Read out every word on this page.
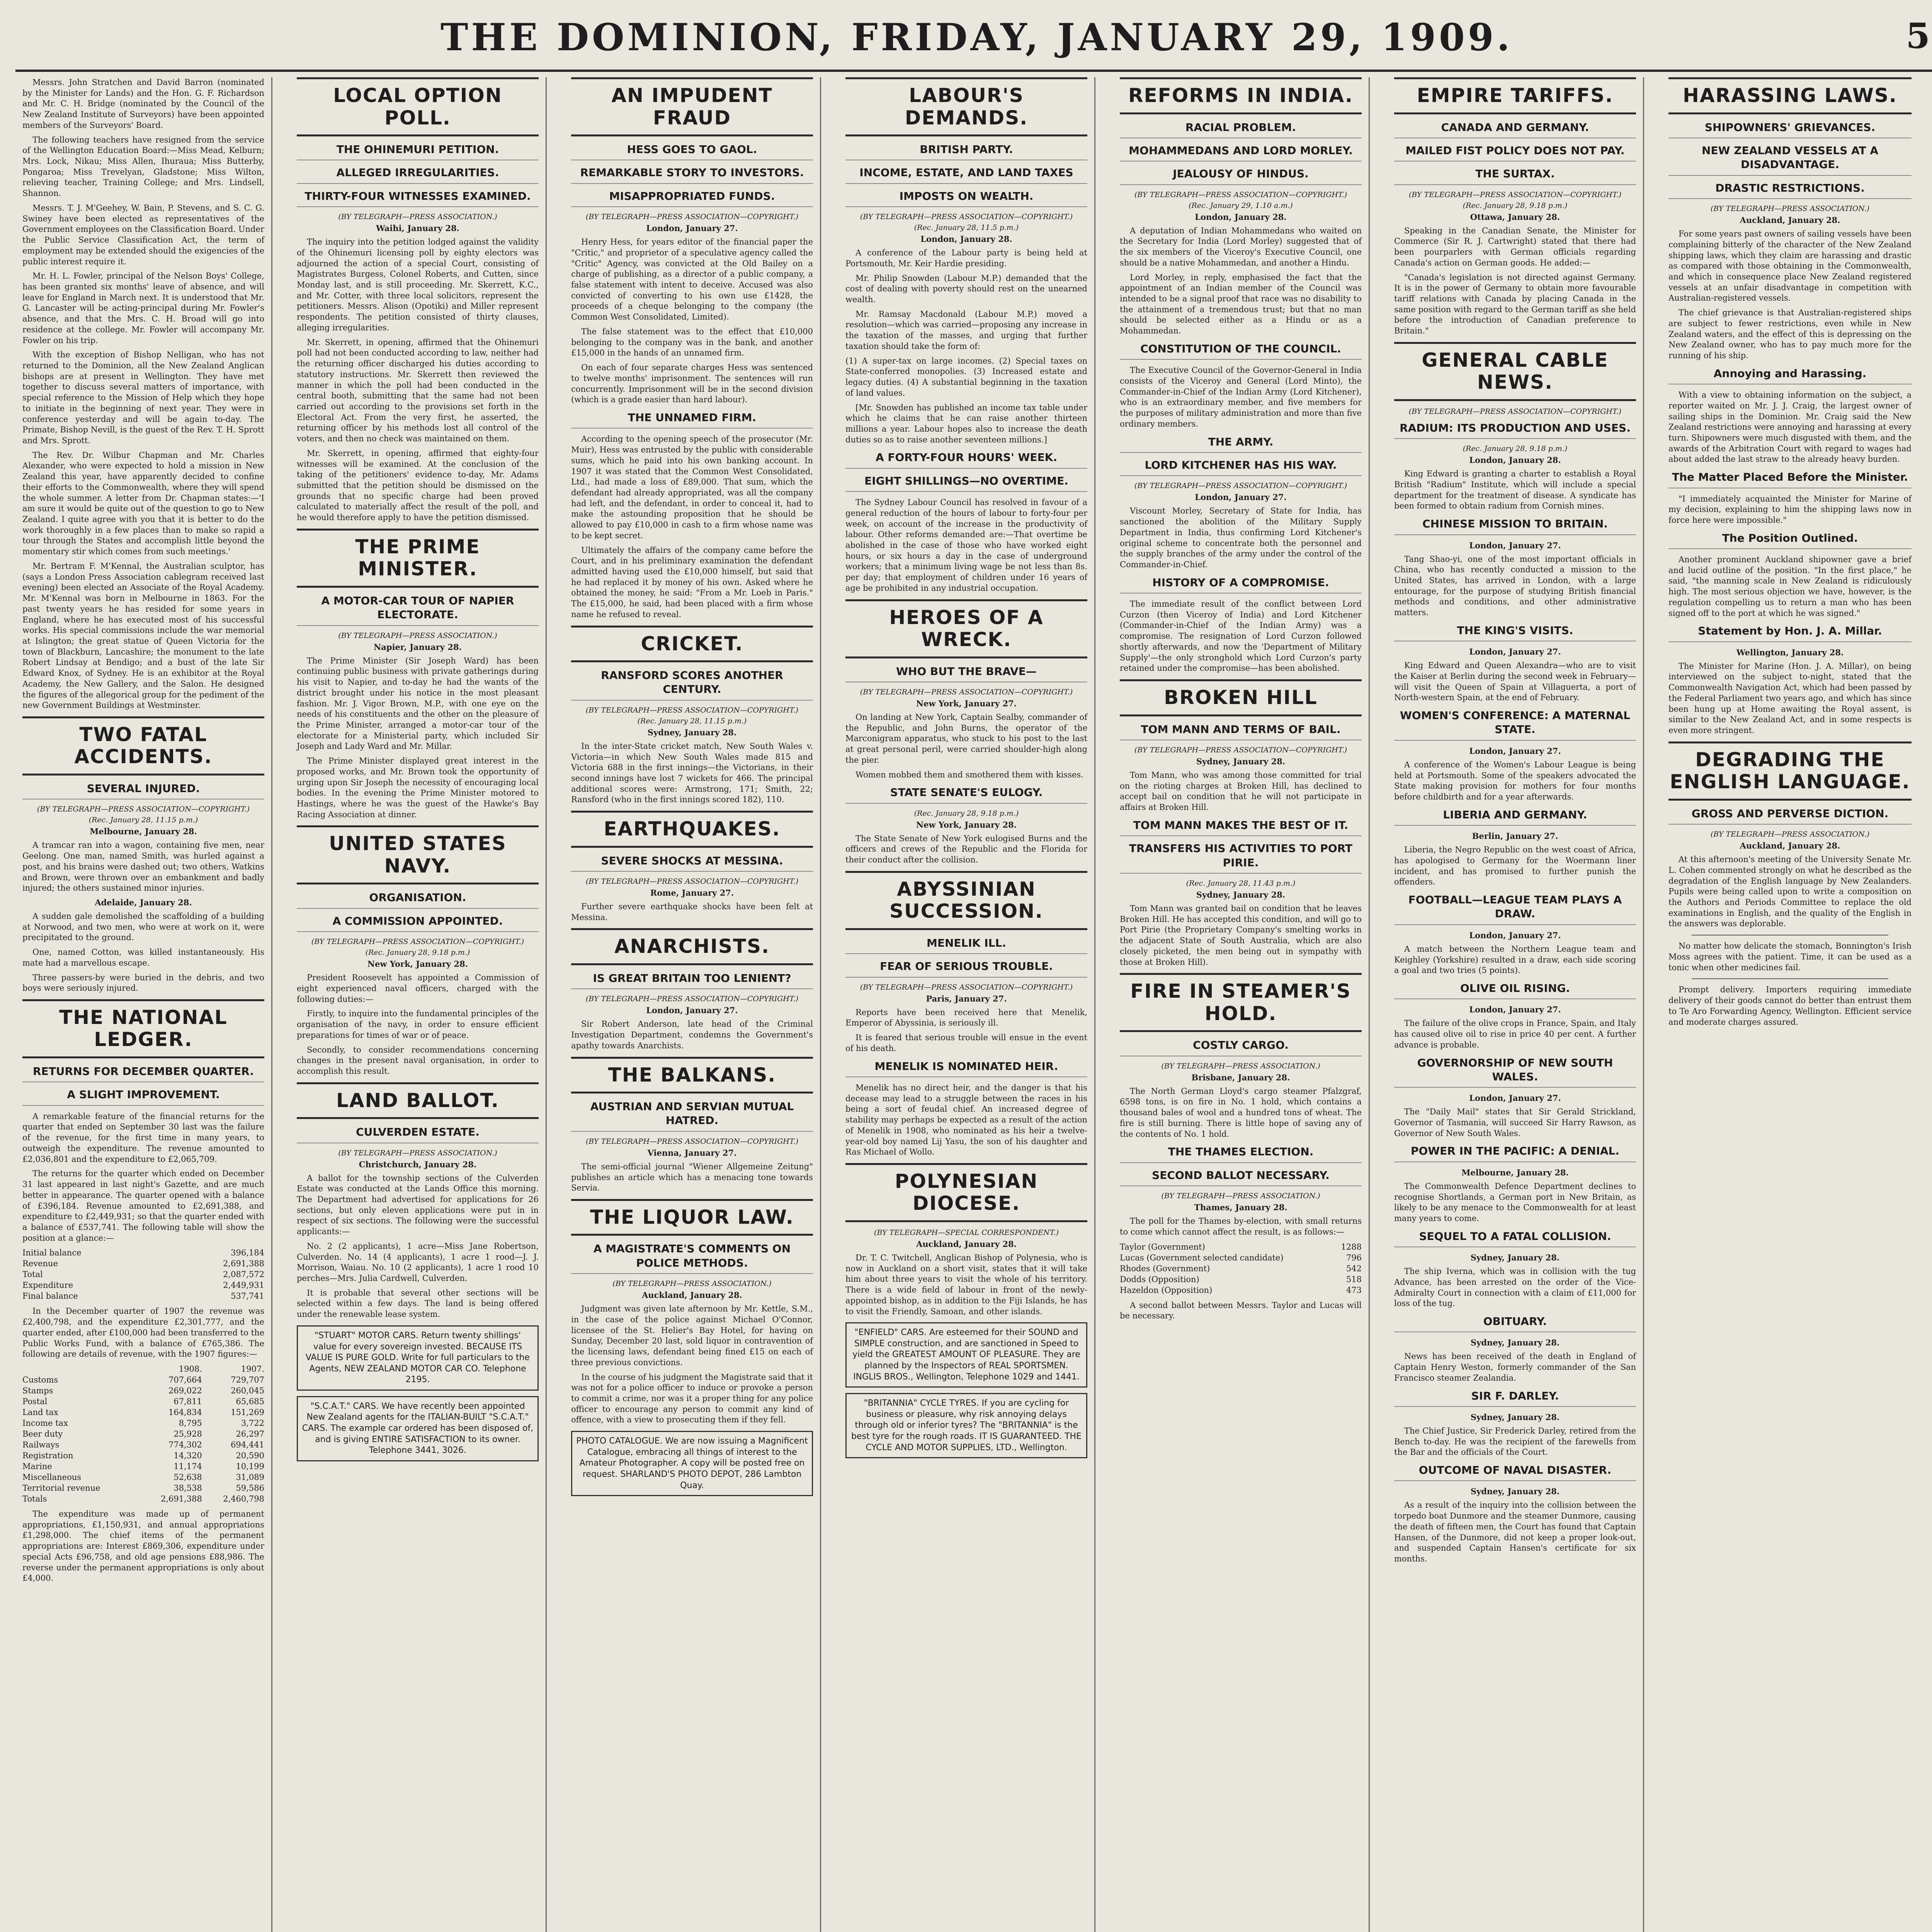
THE DOMINION, FRIDAY, JANUARY 29, 1909.	5

Messrs. John Stratchen and David Barron (nominated by the Minister for Lands) and the Hon. G. F. Richardson and Mr. C. H. Bridge (nominated by the Council of the New Zealand Institute of Surveyors) have been appointed members of the Surveyors' Board.

The following teachers have resigned from the service of the Wellington Education Board:—Miss Mead, Kelburn; Mrs. Lock, Nikau; Miss Allen, Ihuraua; Miss Butterby, Pongaroa; Miss Trevelyan, Gladstone; Miss Wilton, relieving teacher, Training College; and Mrs. Lindsell, Shannon.

Messrs. T. J. M'Geehey, W. Bain, P. Stevens, and S. C. G. Swiney have been elected as representatives of the Government employees on the Classification Board. Under the Public Service Classification Act, the term of employment may be extended should the exigencies of the public interest require it.

Mr. H. L. Fowler, principal of the Nelson Boys' College, has been granted six months' leave of absence, and will leave for England in March next. It is understood that Mr. G. Lancaster will be acting-principal during Mr. Fowler's absence, and that the Mrs. C. H. Broad will go into residence at the college. Mr. Fowler will accompany Mr. Fowler on his trip.

With the exception of Bishop Nelligan, who has not returned to the Dominion, all the New Zealand Anglican bishops are at present in Wellington. They have met together to discuss several matters of importance, with special reference to the Mission of Help which they hope to initiate in the beginning of next year. They were in conference yesterday and will be again to-day. The Primate, Bishop Nevill, is the guest of the Rev. T. H. Sprott and Mrs. Sprott.

The Rev. Dr. Wilbur Chapman and Mr. Charles Alexander, who were expected to hold a mission in New Zealand this year, have apparently decided to confine their efforts to the Commonwealth, where they will spend the whole summer. A letter from Dr. Chapman states:—'I am sure it would be quite out of the question to go to New Zealand. I quite agree with you that it is better to do the work thoroughly in a few places than to make so rapid a tour through the States and accomplish little beyond the momentary stir which comes from such meetings.'

Mr. Bertram F. M'Kennal, the Australian sculptor, has (says a London Press Association cablegram received last evening) been elected an Associate of the Royal Academy. Mr. M'Kennal was born in Melbourne in 1863. For the past twenty years he has resided for some years in England, where he has executed most of his successful works. His special commissions include the war memorial at Islington; the great statue of Queen Victoria for the town of Blackburn, Lancashire; the monument to the late Robert Lindsay at Bendigo; and a bust of the late Sir Edward Knox, of Sydney. He is an exhibitor at the Royal Academy, the New Gallery, and the Salon. He designed the figures of the allegorical group for the pediment of the new Government Buildings at Westminster.

TWO FATAL ACCIDENTS.
SEVERAL INJURED.
(BY TELEGRAPH—PRESS ASSOCIATION—COPYRIGHT.)
(Rec. January 28, 11.15 p.m.)
Melbourne, January 28.

A tramcar ran into a wagon, containing five men, near Geelong. One man, named Smith, was hurled against a post, and his brains were dashed out; two others, Watkins and Brown, were thrown over an embankment and badly injured; the others sustained minor injuries.

Adelaide, January 28.

A sudden gale demolished the scaffolding of a building at Norwood, and two men, who were at work on it, were precipitated to the ground.

One, named Cotton, was killed instantaneously. His mate had a marvellous escape.

Three passers-by were buried in the debris, and two boys were seriously injured.

THE NATIONAL LEDGER.
RETURNS FOR DECEMBER QUARTER.
A SLIGHT IMPROVEMENT.

A remarkable feature of the financial returns for the quarter that ended on September 30 last was the failure of the revenue, for the first time in many years, to outweigh the expenditure. The revenue amounted to £2,036,801 and the expenditure to £2,065,709.

The returns for the quarter which ended on December 31 last appeared in last night's Gazette, and are much better in appearance. The quarter opened with a balance of £396,184. Revenue amounted to £2,691,388, and expenditure to £2,449,931; so that the quarter ended with a balance of £537,741. The following table will show the position at a glance:—

Initial balance	396,184
Revenue	2,691,388
Total	2,087,572
Expenditure	2,449,931
Final balance	537,741

In the December quarter of 1907 the revenue was £2,400,798, and the expenditure £2,301,777, and the quarter ended, after £100,000 had been transferred to the Public Works Fund, with a balance of £765,386. The following are details of revenue, with the 1907 figures:—

	1908.	1907.
Customs	707,664	729,707
Stamps	269,022	260,045
Postal	67,811	65,685
Land tax	164,834	151,269
Income tax	8,795	3,722
Beer duty	25,928	26,297
Railways	774,302	694,441
Registration	14,320	20,590
Marine	11,174	10,199
Miscellaneous	52,638	31,089
Territorial revenue	38,538	59,586
Totals	2,691,388	2,460,798

The expenditure was made up of permanent appropriations, £1,150,931, and annual appropriations £1,298,000. The chief items of the permanent appropriations are: Interest £869,306, expenditure under special Acts £96,758, and old age pensions £88,986. The reverse under the permanent appropriations is only about £4,000.

LOCAL OPTION POLL.
THE OHINEMURI PETITION.
ALLEGED IRREGULARITIES.
THIRTY-FOUR WITNESSES EXAMINED.
(BY TELEGRAPH—PRESS ASSOCIATION.)
Waihi, January 28.

The inquiry into the petition lodged against the validity of the Ohinemuri licensing poll by eighty electors was adjourned the action of a special Court, consisting of Magistrates Burgess, Colonel Roberts, and Cutten, since Monday last, and is still proceeding. Mr. Skerrett, K.C., and Mr. Cotter, with three local solicitors, represent the petitioners. Messrs. Alison (Opotiki) and Miller represent respondents. The petition consisted of thirty clauses, alleging irregularities.

Mr. Skerrett, in opening, affirmed that the Ohinemuri poll had not been conducted according to law, neither had the returning officer discharged his duties according to statutory instructions. Mr. Skerrett then reviewed the manner in which the poll had been conducted in the central booth, submitting that the same had not been carried out according to the provisions set forth in the Electoral Act. From the very first, he asserted, the returning officer by his methods lost all control of the voters, and then no check was maintained on them.

Mr. Skerrett, in opening, affirmed that eighty-four witnesses will be examined. At the conclusion of the taking of the petitioners' evidence to-day, Mr. Adams submitted that the petition should be dismissed on the grounds that no specific charge had been proved calculated to materially affect the result of the poll, and he would therefore apply to have the petition dismissed.

THE PRIME MINISTER.
A MOTOR-CAR TOUR OF NAPIER ELECTORATE.
(BY TELEGRAPH—PRESS ASSOCIATION.)
Napier, January 28.

The Prime Minister (Sir Joseph Ward) has been continuing public business with private gatherings during his visit to Napier, and to-day he had the wants of the district brought under his notice in the most pleasant fashion. Mr. J. Vigor Brown, M.P., with one eye on the needs of his constituents and the other on the pleasure of the Prime Minister, arranged a motor-car tour of the electorate for a Ministerial party, which included Sir Joseph and Lady Ward and Mr. Millar.

The Prime Minister displayed great interest in the proposed works, and Mr. Brown took the opportunity of urging upon Sir Joseph the necessity of encouraging local bodies. In the evening the Prime Minister motored to Hastings, where he was the guest of the Hawke's Bay Racing Association at dinner.

UNITED STATES NAVY.
ORGANISATION.
A COMMISSION APPOINTED.
(BY TELEGRAPH—PRESS ASSOCIATION—COPYRIGHT.)
(Rec. January 28, 9.18 p.m.)
New York, January 28.

President Roosevelt has appointed a Commission of eight experienced naval officers, charged with the following duties:—

Firstly, to inquire into the fundamental principles of the organisation of the navy, in order to ensure efficient preparations for times of war or of peace.

Secondly, to consider recommendations concerning changes in the present naval organisation, in order to accomplish this result.

LAND BALLOT.
CULVERDEN ESTATE.
(BY TELEGRAPH—PRESS ASSOCIATION.)
Christchurch, January 28.

A ballot for the township sections of the Culverden Estate was conducted at the Lands Office this morning. The Department had advertised for applications for 26 sections, but only eleven applications were put in in respect of six sections. The following were the successful applicants:—

No. 2 (2 applicants), 1 acre—Miss Jane Robertson, Culverden. No. 14 (4 applicants), 1 acre 1 rood—J. J. Morrison, Waiau. No. 10 (2 applicants), 1 acre 1 rood 10 perches—Mrs. Julia Cardwell, Culverden.

It is probable that several other sections will be selected within a few days. The land is being offered under the renewable lease system.

"STUART" MOTOR CARS. Return twenty shillings' value for every sovereign invested. BECAUSE ITS VALUE IS PURE GOLD. Write for full particulars to the Agents, NEW ZEALAND MOTOR CAR CO. Telephone 2195.
"S.C.A.T." CARS. We have recently been appointed New Zealand agents for the ITALIAN-BUILT "S.C.A.T." CARS. The example car ordered has been disposed of, and is giving ENTIRE SATISFACTION to its owner. Telephone 3441, 3026.
AN IMPUDENT FRAUD
HESS GOES TO GAOL.
REMARKABLE STORY TO INVESTORS.
MISAPPROPRIATED FUNDS.
(BY TELEGRAPH—PRESS ASSOCIATION—COPYRIGHT.)
London, January 27.

Henry Hess, for years editor of the financial paper the "Critic," and proprietor of a speculative agency called the "Critic" Agency, was convicted at the Old Bailey on a charge of publishing, as a director of a public company, a false statement with intent to deceive. Accused was also convicted of converting to his own use £1428, the proceeds of a cheque belonging to the company (the Common West Consolidated, Limited).

The false statement was to the effect that £10,000 belonging to the company was in the bank, and another £15,000 in the hands of an unnamed firm.

On each of four separate charges Hess was sentenced to twelve months' imprisonment. The sentences will run concurrently. Imprisonment will be in the second division (which is a grade easier than hard labour).

THE UNNAMED FIRM.

According to the opening speech of the prosecutor (Mr. Muir), Hess was entrusted by the public with considerable sums, which he paid into his own banking account. In 1907 it was stated that the Common West Consolidated, Ltd., had made a loss of £89,000. That sum, which the defendant had already appropriated, was all the company had left, and the defendant, in order to conceal it, had to make the astounding proposition that he should be allowed to pay £10,000 in cash to a firm whose name was to be kept secret.

Ultimately the affairs of the company came before the Court, and in his preliminary examination the defendant admitted having used the £10,000 himself, but said that he had replaced it by money of his own. Asked where he obtained the money, he said: "From a Mr. Loeb in Paris." The £15,000, he said, had been placed with a firm whose name he refused to reveal.

CRICKET.
RANSFORD SCORES ANOTHER CENTURY.
(BY TELEGRAPH—PRESS ASSOCIATION—COPYRIGHT.)
(Rec. January 28, 11.15 p.m.)
Sydney, January 28.

In the inter-State cricket match, New South Wales v. Victoria—in which New South Wales made 815 and Victoria 688 in the first innings—the Victorians, in their second innings have lost 7 wickets for 466. The principal additional scores were: Armstrong, 171; Smith, 22; Ransford (who in the first innings scored 182), 110.

EARTHQUAKES.
SEVERE SHOCKS AT MESSINA.
(BY TELEGRAPH—PRESS ASSOCIATION—COPYRIGHT.)
Rome, January 27.

Further severe earthquake shocks have been felt at Messina.

ANARCHISTS.
IS GREAT BRITAIN TOO LENIENT?
(BY TELEGRAPH—PRESS ASSOCIATION—COPYRIGHT.)
London, January 27.

Sir Robert Anderson, late head of the Criminal Investigation Department, condemns the Government's apathy towards Anarchists.

THE BALKANS.
AUSTRIAN AND SERVIAN MUTUAL HATRED.
(BY TELEGRAPH—PRESS ASSOCIATION—COPYRIGHT.)
Vienna, January 27.

The semi-official journal "Wiener Allgemeine Zeitung" publishes an article which has a menacing tone towards Servia.

THE LIQUOR LAW.
A MAGISTRATE'S COMMENTS ON POLICE METHODS.
(BY TELEGRAPH—PRESS ASSOCIATION.)
Auckland, January 28.

Judgment was given late afternoon by Mr. Kettle, S.M., in the case of the police against Michael O'Connor, licensee of the St. Helier's Bay Hotel, for having on Sunday, December 20 last, sold liquor in contravention of the licensing laws, defendant being fined £15 on each of three previous convictions.

In the course of his judgment the Magistrate said that it was not for a police officer to induce or provoke a person to commit a crime, nor was it a proper thing for any police officer to encourage any person to commit any kind of offence, with a view to prosecuting them if they fell.

PHOTO CATALOGUE. We are now issuing a Magnificent Catalogue, embracing all things of interest to the Amateur Photographer. A copy will be posted free on request. SHARLAND'S PHOTO DEPOT, 286 Lambton Quay.
LABOUR'S DEMANDS.
BRITISH PARTY.
INCOME, ESTATE, AND LAND TAXES
IMPOSTS ON WEALTH.
(BY TELEGRAPH—PRESS ASSOCIATION—COPYRIGHT.)
(Rec. January 28, 11.5 p.m.)
London, January 28.

A conference of the Labour party is being held at Portsmouth, Mr. Keir Hardie presiding.

Mr. Philip Snowden (Labour M.P.) demanded that the cost of dealing with poverty should rest on the unearned wealth.

Mr. Ramsay Macdonald (Labour M.P.) moved a resolution—which was carried—proposing any increase in the taxation of the masses, and urging that further taxation should take the form of:

(1) A super-tax on large incomes. (2) Special taxes on State-conferred monopolies. (3) Increased estate and legacy duties. (4) A substantial beginning in the taxation of land values.

[Mr. Snowden has published an income tax table under which he claims that he can raise another thirteen millions a year. Labour hopes also to increase the death duties so as to raise another seventeen millions.]

A FORTY-FOUR HOURS' WEEK.
EIGHT SHILLINGS—NO OVERTIME.

The Sydney Labour Council has resolved in favour of a general reduction of the hours of labour to forty-four per week, on account of the increase in the productivity of labour. Other reforms demanded are:—That overtime be abolished in the case of those who have worked eight hours, or six hours a day in the case of underground workers; that a minimum living wage be not less than 8s. per day; that employment of children under 16 years of age be prohibited in any industrial occupation.

HEROES OF A WRECK.
WHO BUT THE BRAVE—
(BY TELEGRAPH—PRESS ASSOCIATION—COPYRIGHT.)
New York, January 27.

On landing at New York, Captain Sealby, commander of the Republic, and John Burns, the operator of the Marconigram apparatus, who stuck to his post to the last at great personal peril, were carried shoulder-high along the pier.

Women mobbed them and smothered them with kisses.

STATE SENATE'S EULOGY.
(Rec. January 28, 9.18 p.m.)
New York, January 28.

The State Senate of New York eulogised Burns and the officers and crews of the Republic and the Florida for their conduct after the collision.

ABYSSINIAN SUCCESSION.
MENELIK ILL.
FEAR OF SERIOUS TROUBLE.
(BY TELEGRAPH—PRESS ASSOCIATION—COPYRIGHT.)
Paris, January 27.

Reports have been received here that Menelik, Emperor of Abyssinia, is seriously ill.

It is feared that serious trouble will ensue in the event of his death.

MENELIK IS NOMINATED HEIR.

Menelik has no direct heir, and the danger is that his decease may lead to a struggle between the races in his being a sort of feudal chief. An increased degree of stability may perhaps be expected as a result of the action of Menelik in 1908, who nominated as his heir a twelve-year-old boy named Lij Yasu, the son of his daughter and Ras Michael of Wollo.

POLYNESIAN DIOCESE.
(BY TELEGRAPH—SPECIAL CORRESPONDENT.)
Auckland, January 28.

Dr. T. C. Twitchell, Anglican Bishop of Polynesia, who is now in Auckland on a short visit, states that it will take him about three years to visit the whole of his territory. There is a wide field of labour in front of the newly-appointed bishop, as in addition to the Fiji Islands, he has to visit the Friendly, Samoan, and other islands.

"ENFIELD" CARS. Are esteemed for their SOUND and SIMPLE construction, and are sanctioned in Speed to yield the GREATEST AMOUNT OF PLEASURE. They are planned by the Inspectors of REAL SPORTSMEN. INGLIS BROS., Wellington, Telephone 1029 and 1441.
"BRITANNIA" CYCLE TYRES. If you are cycling for business or pleasure, why risk annoying delays through old or inferior tyres? The "BRITANNIA" is the best tyre for the rough roads. IT IS GUARANTEED. THE CYCLE AND MOTOR SUPPLIES, LTD., Wellington.
REFORMS IN INDIA.
RACIAL PROBLEM.
MOHAMMEDANS AND LORD MORLEY.
JEALOUSY OF HINDUS.
(BY TELEGRAPH—PRESS ASSOCIATION—COPYRIGHT.)
(Rec. January 29, 1.10 a.m.)
London, January 28.

A deputation of Indian Mohammedans who waited on the Secretary for India (Lord Morley) suggested that of the six members of the Viceroy's Executive Council, one should be a native Mohammedan, and another a Hindu.

Lord Morley, in reply, emphasised the fact that the appointment of an Indian member of the Council was intended to be a signal proof that race was no disability to the attainment of a tremendous trust; but that no man should be selected either as a Hindu or as a Mohammedan.

CONSTITUTION OF THE COUNCIL.

The Executive Council of the Governor-General in India consists of the Viceroy and General (Lord Minto), the Commander-in-Chief of the Indian Army (Lord Kitchener), who is an extraordinary member, and five members for the purposes of military administration and more than five ordinary members.

THE ARMY.
LORD KITCHENER HAS HIS WAY.
(BY TELEGRAPH—PRESS ASSOCIATION—COPYRIGHT.)
London, January 27.

Viscount Morley, Secretary of State for India, has sanctioned the abolition of the Military Supply Department in India, thus confirming Lord Kitchener's original scheme to concentrate both the personnel and the supply branches of the army under the control of the Commander-in-Chief.

HISTORY OF A COMPROMISE.

The immediate result of the conflict between Lord Curzon (then Viceroy of India) and Lord Kitchener (Commander-in-Chief of the Indian Army) was a compromise. The resignation of Lord Curzon followed shortly afterwards, and now the 'Department of Military Supply'—the only stronghold which Lord Curzon's party retained under the compromise—has been abolished.

BROKEN HILL
TOM MANN AND TERMS OF BAIL.
(BY TELEGRAPH—PRESS ASSOCIATION—COPYRIGHT.)
Sydney, January 28.

Tom Mann, who was among those committed for trial on the rioting charges at Broken Hill, has declined to accept bail on condition that he will not participate in affairs at Broken Hill.

TOM MANN MAKES THE BEST OF IT.
TRANSFERS HIS ACTIVITIES TO PORT PIRIE.
(Rec. January 28, 11.43 p.m.)
Sydney, January 28.

Tom Mann was granted bail on condition that he leaves Broken Hill. He has accepted this condition, and will go to Port Pirie (the Proprietary Company's smelting works in the adjacent State of South Australia, which are also closely picketed, the men being out in sympathy with those at Broken Hill).

FIRE IN STEAMER'S HOLD.
COSTLY CARGO.
(BY TELEGRAPH—PRESS ASSOCIATION.)
Brisbane, January 28.

The North German Lloyd's cargo steamer Pfalzgraf, 6598 tons, is on fire in No. 1 hold, which contains a thousand bales of wool and a hundred tons of wheat. The fire is still burning. There is little hope of saving any of the contents of No. 1 hold.

THE THAMES ELECTION.
SECOND BALLOT NECESSARY.
(BY TELEGRAPH—PRESS ASSOCIATION.)
Thames, January 28.

The poll for the Thames by-election, with small returns to come which cannot affect the result, is as follows:—

Taylor (Government)	1288
Lucas (Government selected candidate)	796
Rhodes (Government)	542
Dodds (Opposition)	518
Hazeldon (Opposition)	473

A second ballot between Messrs. Taylor and Lucas will be necessary.

EMPIRE TARIFFS.
CANADA AND GERMANY.
MAILED FIST POLICY DOES NOT PAY.
THE SURTAX.
(BY TELEGRAPH—PRESS ASSOCIATION—COPYRIGHT.)
(Rec. January 28, 9.18 p.m.)
Ottawa, January 28.

Speaking in the Canadian Senate, the Minister for Commerce (Sir R. J. Cartwright) stated that there had been pourparlers with German officials regarding Canada's action on German goods. He added:—

"Canada's legislation is not directed against Germany. It is in the power of Germany to obtain more favourable tariff relations with Canada by placing Canada in the same position with regard to the German tariff as she held before the introduction of Canadian preference to Britain."

GENERAL CABLE NEWS.
(BY TELEGRAPH—PRESS ASSOCIATION—COPYRIGHT.)
RADIUM: ITS PRODUCTION AND USES.
(Rec. January 28, 9.18 p.m.)
London, January 28.

King Edward is granting a charter to establish a Royal British "Radium" Institute, which will include a special department for the treatment of disease. A syndicate has been formed to obtain radium from Cornish mines.

CHINESE MISSION TO BRITAIN.
London, January 27.

Tang Shao-yi, one of the most important officials in China, who has recently conducted a mission to the United States, has arrived in London, with a large entourage, for the purpose of studying British financial methods and conditions, and other administrative matters.

THE KING'S VISITS.
London, January 27.

King Edward and Queen Alexandra—who are to visit the Kaiser at Berlin during the second week in February—will visit the Queen of Spain at Villaguerta, a port of North-western Spain, at the end of February.

WOMEN'S CONFERENCE: A MATERNAL STATE.
London, January 27.

A conference of the Women's Labour League is being held at Portsmouth. Some of the speakers advocated the State making provision for mothers for four months before childbirth and for a year afterwards.

LIBERIA AND GERMANY.
Berlin, January 27.

Liberia, the Negro Republic on the west coast of Africa, has apologised to Germany for the Woermann liner incident, and has promised to further punish the offenders.

FOOTBALL—LEAGUE TEAM PLAYS A DRAW.
London, January 27.

A match between the Northern League team and Keighley (Yorkshire) resulted in a draw, each side scoring a goal and two tries (5 points).

OLIVE OIL RISING.
London, January 27.

The failure of the olive crops in France, Spain, and Italy has caused olive oil to rise in price 40 per cent. A further advance is probable.

GOVERNORSHIP OF NEW SOUTH WALES.
London, January 27.

The "Daily Mail" states that Sir Gerald Strickland, Governor of Tasmania, will succeed Sir Harry Rawson, as Governor of New South Wales.

POWER IN THE PACIFIC: A DENIAL.
Melbourne, January 28.

The Commonwealth Defence Department declines to recognise Shortlands, a German port in New Britain, as likely to be any menace to the Commonwealth for at least many years to come.

SEQUEL TO A FATAL COLLISION.
Sydney, January 28.

The ship Iverna, which was in collision with the tug Advance, has been arrested on the order of the Vice-Admiralty Court in connection with a claim of £11,000 for loss of the tug.

OBITUARY.
Sydney, January 28.

News has been received of the death in England of Captain Henry Weston, formerly commander of the San Francisco steamer Zealandia.

SIR F. DARLEY.
Sydney, January 28.

The Chief Justice, Sir Frederick Darley, retired from the Bench to-day. He was the recipient of the farewells from the Bar and the officials of the Court.

OUTCOME OF NAVAL DISASTER.
Sydney, January 28.

As a result of the inquiry into the collision between the torpedo boat Dunmore and the steamer Dunmore, causing the death of fifteen men, the Court has found that Captain Hansen, of the Dunmore, did not keep a proper look-out, and suspended Captain Hansen's certificate for six months.

HARASSING LAWS.
SHIPOWNERS' GRIEVANCES.
NEW ZEALAND VESSELS AT A DISADVANTAGE.
DRASTIC RESTRICTIONS.
(BY TELEGRAPH—PRESS ASSOCIATION.)
Auckland, January 28.

For some years past owners of sailing vessels have been complaining bitterly of the character of the New Zealand shipping laws, which they claim are harassing and drastic as compared with those obtaining in the Commonwealth, and which in consequence place New Zealand registered vessels at an unfair disadvantage in competition with Australian-registered vessels.

The chief grievance is that Australian-registered ships are subject to fewer restrictions, even while in New Zealand waters, and the effect of this is depressing on the New Zealand owner, who has to pay much more for the running of his ship.

Annoying and Harassing.

With a view to obtaining information on the subject, a reporter waited on Mr. J. J. Craig, the largest owner of sailing ships in the Dominion. Mr. Craig said the New Zealand restrictions were annoying and harassing at every turn. Shipowners were much disgusted with them, and the awards of the Arbitration Court with regard to wages had about added the last straw to the already heavy burden.

The Matter Placed Before the Minister.

"I immediately acquainted the Minister for Marine of my decision, explaining to him the shipping laws now in force here were impossible."

The Position Outlined.

Another prominent Auckland shipowner gave a brief and lucid outline of the position. "In the first place," he said, "the manning scale in New Zealand is ridiculously high. The most serious objection we have, however, is the regulation compelling us to return a man who has been signed off to the port at which he was signed."

Statement by Hon. J. A. Millar.
Wellington, January 28.

The Minister for Marine (Hon. J. A. Millar), on being interviewed on the subject to-night, stated that the Commonwealth Navigation Act, which had been passed by the Federal Parliament two years ago, and which has since been hung up at Home awaiting the Royal assent, is similar to the New Zealand Act, and in some respects is even more stringent.

DEGRADING THE ENGLISH LANGUAGE.
GROSS AND PERVERSE DICTION.
(BY TELEGRAPH—PRESS ASSOCIATION.)
Auckland, January 28.

At this afternoon's meeting of the University Senate Mr. L. Cohen commented strongly on what he described as the degradation of the English language by New Zealanders. Pupils were being called upon to write a composition on the Authors and Periods Committee to replace the old examinations in English, and the quality of the English in the answers was deplorable.

No matter how delicate the stomach, Bonnington's Irish Moss agrees with the patient. Time, it can be used as a tonic when other medicines fail.

Prompt delivery. Importers requiring immediate delivery of their goods cannot do better than entrust them to Te Aro Forwarding Agency, Wellington. Efficient service and moderate charges assured.
